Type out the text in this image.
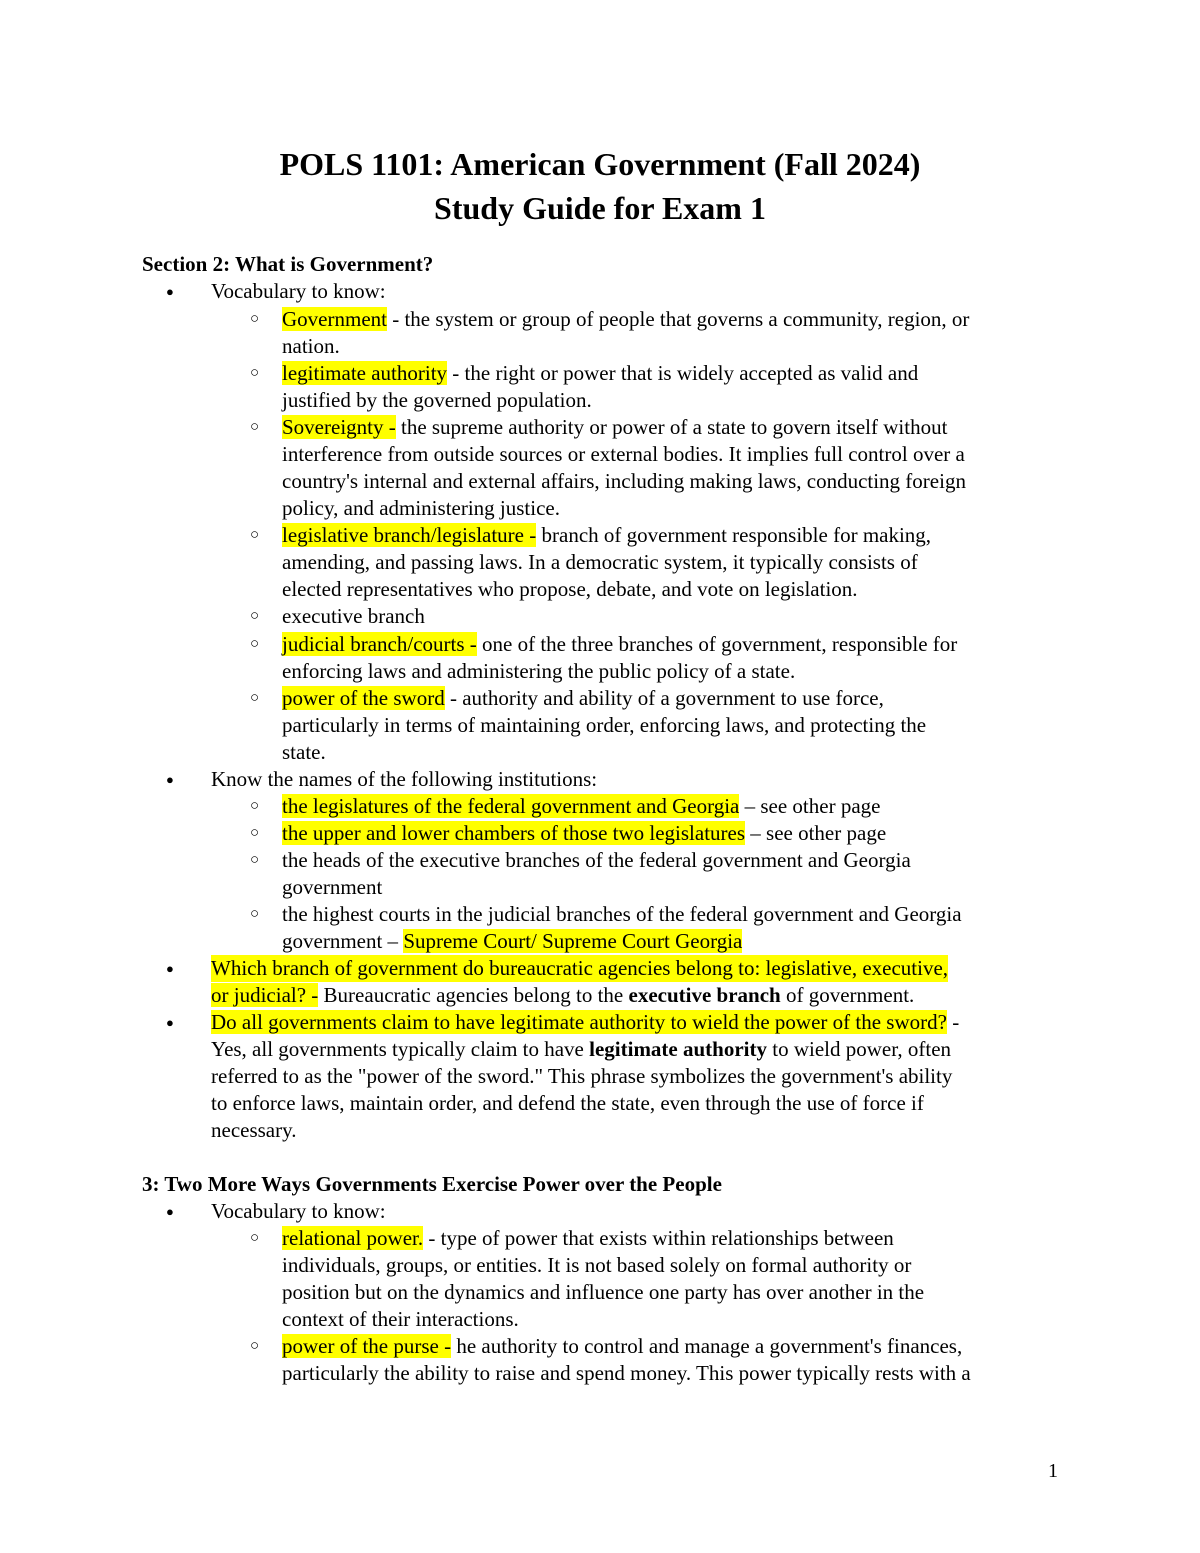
POLS 1101: American Government (Fall 2024)
Study Guide for Exam 1
Section 2: What is Government?
● Vocabulary to know:
○ Government - the system or group of people that governs a community, region, or
nation.
○ legitimate authority - the right or power that is widely accepted as valid and
justified by the governed population.
○ Sovereignty - the supreme authority or power of a state to govern itself without
interference from outside sources or external bodies. It implies full control over a
country's internal and external affairs, including making laws, conducting foreign
policy, and administering justice.
○ legislative branch/legislature - branch of government responsible for making,
amending, and passing laws. In a democratic system, it typically consists of
elected representatives who propose, debate, and vote on legislation.
○ executive branch
○ judicial branch/courts - one of the three branches of government, responsible for
enforcing laws and administering the public policy of a state.
○ power of the sword - authority and ability of a government to use force,
particularly in terms of maintaining order, enforcing laws, and protecting the
state.
● Know the names of the following institutions:
○ the legislatures of the federal government and Georgia – see other page
○ the upper and lower chambers of those two legislatures – see other page
○ the heads of the executive branches of the federal government and Georgia
government
○ the highest courts in the judicial branches of the federal government and Georgia
government – Supreme Court/ Supreme Court Georgia
● Which branch of government do bureaucratic agencies belong to: legislative, executive,
or judicial? - Bureaucratic agencies belong to the executive branch of government.
● Do all governments claim to have legitimate authority to wield the power of the sword? -
Yes, all governments typically claim to have legitimate authority to wield power, often
referred to as the "power of the sword." This phrase symbolizes the government's ability
to enforce laws, maintain order, and defend the state, even through the use of force if
necessary.
3: Two More Ways Governments Exercise Power over the People
● Vocabulary to know:
○ relational power. - type of power that exists within relationships between
individuals, groups, or entities. It is not based solely on formal authority or
position but on the dynamics and influence one party has over another in the
context of their interactions.
○ power of the purse - he authority to control and manage a government's finances,
particularly the ability to raise and spend money. This power typically rests with a
1
